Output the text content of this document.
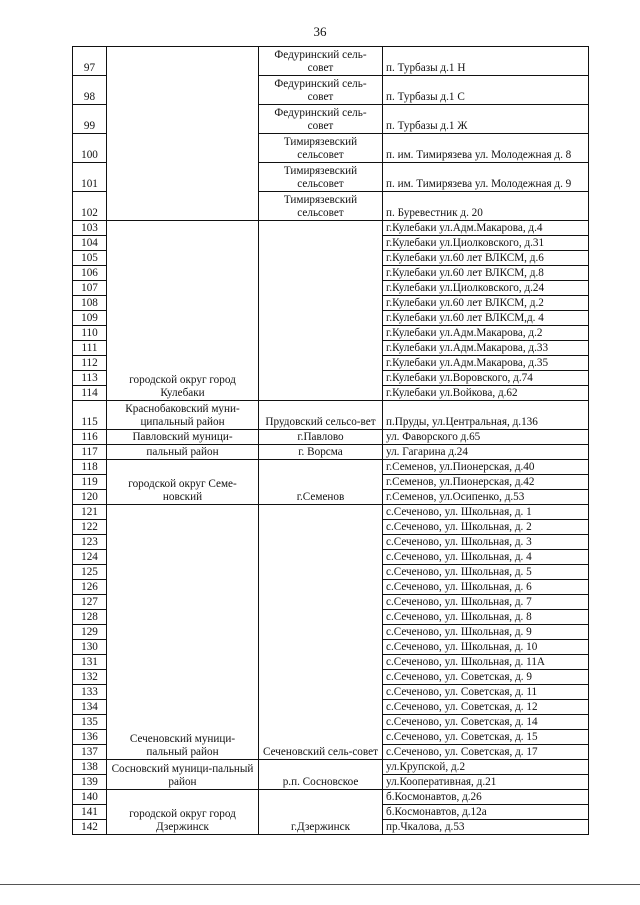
36
97		Федуринский сель-совет	п. Турбазы д.1 Н
98		Федуринский сель-совет	п. Турбазы д.1 С
99		Федуринский сель-совет	п. Турбазы д.1 Ж
100		Тимирязевский сельсовет	п. им. Тимирязева ул. Молодежная д. 8
101		Тимирязевский сельсовет	п. им. Тимирязева ул. Молодежная д. 9
102		Тимирязевский сельсовет	п. Буревестник д. 20
103	городской округ город Кулебаки		г.Кулебаки ул.Адм.Макарова, д.4
104			г.Кулебаки ул.Циолковского, д.31
105			г.Кулебаки ул.60 лет ВЛКСМ, д.6
106			г.Кулебаки ул.60 лет ВЛКСМ, д.8
107			г.Кулебаки ул.Циолковского, д.24
108			г.Кулебаки ул.60 лет ВЛКСМ, д.2
109			г.Кулебаки ул.60 лет ВЛКСМ,д. 4
110			г.Кулебаки ул.Адм.Макарова, д.2
111			г.Кулебаки ул.Адм.Макарова, д.33
112			г.Кулебаки ул.Адм.Макарова, д.35
113			г.Кулебаки ул.Воровского, д.74
114			г.Кулебаки ул.Войкова, д.62
115	Краснобаковский муни-ципальный район	Прудовский сельсо-вет	п.Пруды, ул.Центральная, д.136
116	Павловский муници-	г.Павлово	ул. Фаворского д.65
117	пальный район	г. Ворсма	ул. Гагарина д.24
118	городской округ Семе-новский	г.Семенов	г.Семенов, ул.Пионерская, д.40
119			г.Семенов, ул.Пионерская, д.42
120			г.Семенов, ул.Осипенко, д.53
121	Сеченовский муници-пальный район	Сеченовский сель-совет	с.Сеченово, ул. Школьная, д. 1
122			с.Сеченово, ул. Школьная, д. 2
123			с.Сеченово, ул. Школьная, д. 3
124			с.Сеченово, ул. Школьная, д. 4
125			с.Сеченово, ул. Школьная, д. 5
126			с.Сеченово, ул. Школьная, д. 6
127			с.Сеченово, ул. Школьная, д. 7
128			с.Сеченово, ул. Школьная, д. 8
129			с.Сеченово, ул. Школьная, д. 9
130			с.Сеченово, ул. Школьная, д. 10
131			с.Сеченово, ул. Школьная, д. 11А
132			с.Сеченово, ул. Советская, д. 9
133			с.Сеченово, ул. Советская, д. 11
134			с.Сеченово, ул. Советская, д. 12
135			с.Сеченово, ул. Советская, д. 14
136			с.Сеченово, ул. Советская, д. 15
137			с.Сеченово, ул. Советская, д. 17
138	Сосновский муници-пальный район	р.п. Сосновское	ул.Крупской, д.2
139			ул.Кооперативная, д.21
140	городской округ город Дзержинск	г.Дзержинск	б.Космонавтов, д.26
141			б.Космонавтов, д.12а
142			пр.Чкалова, д.53
